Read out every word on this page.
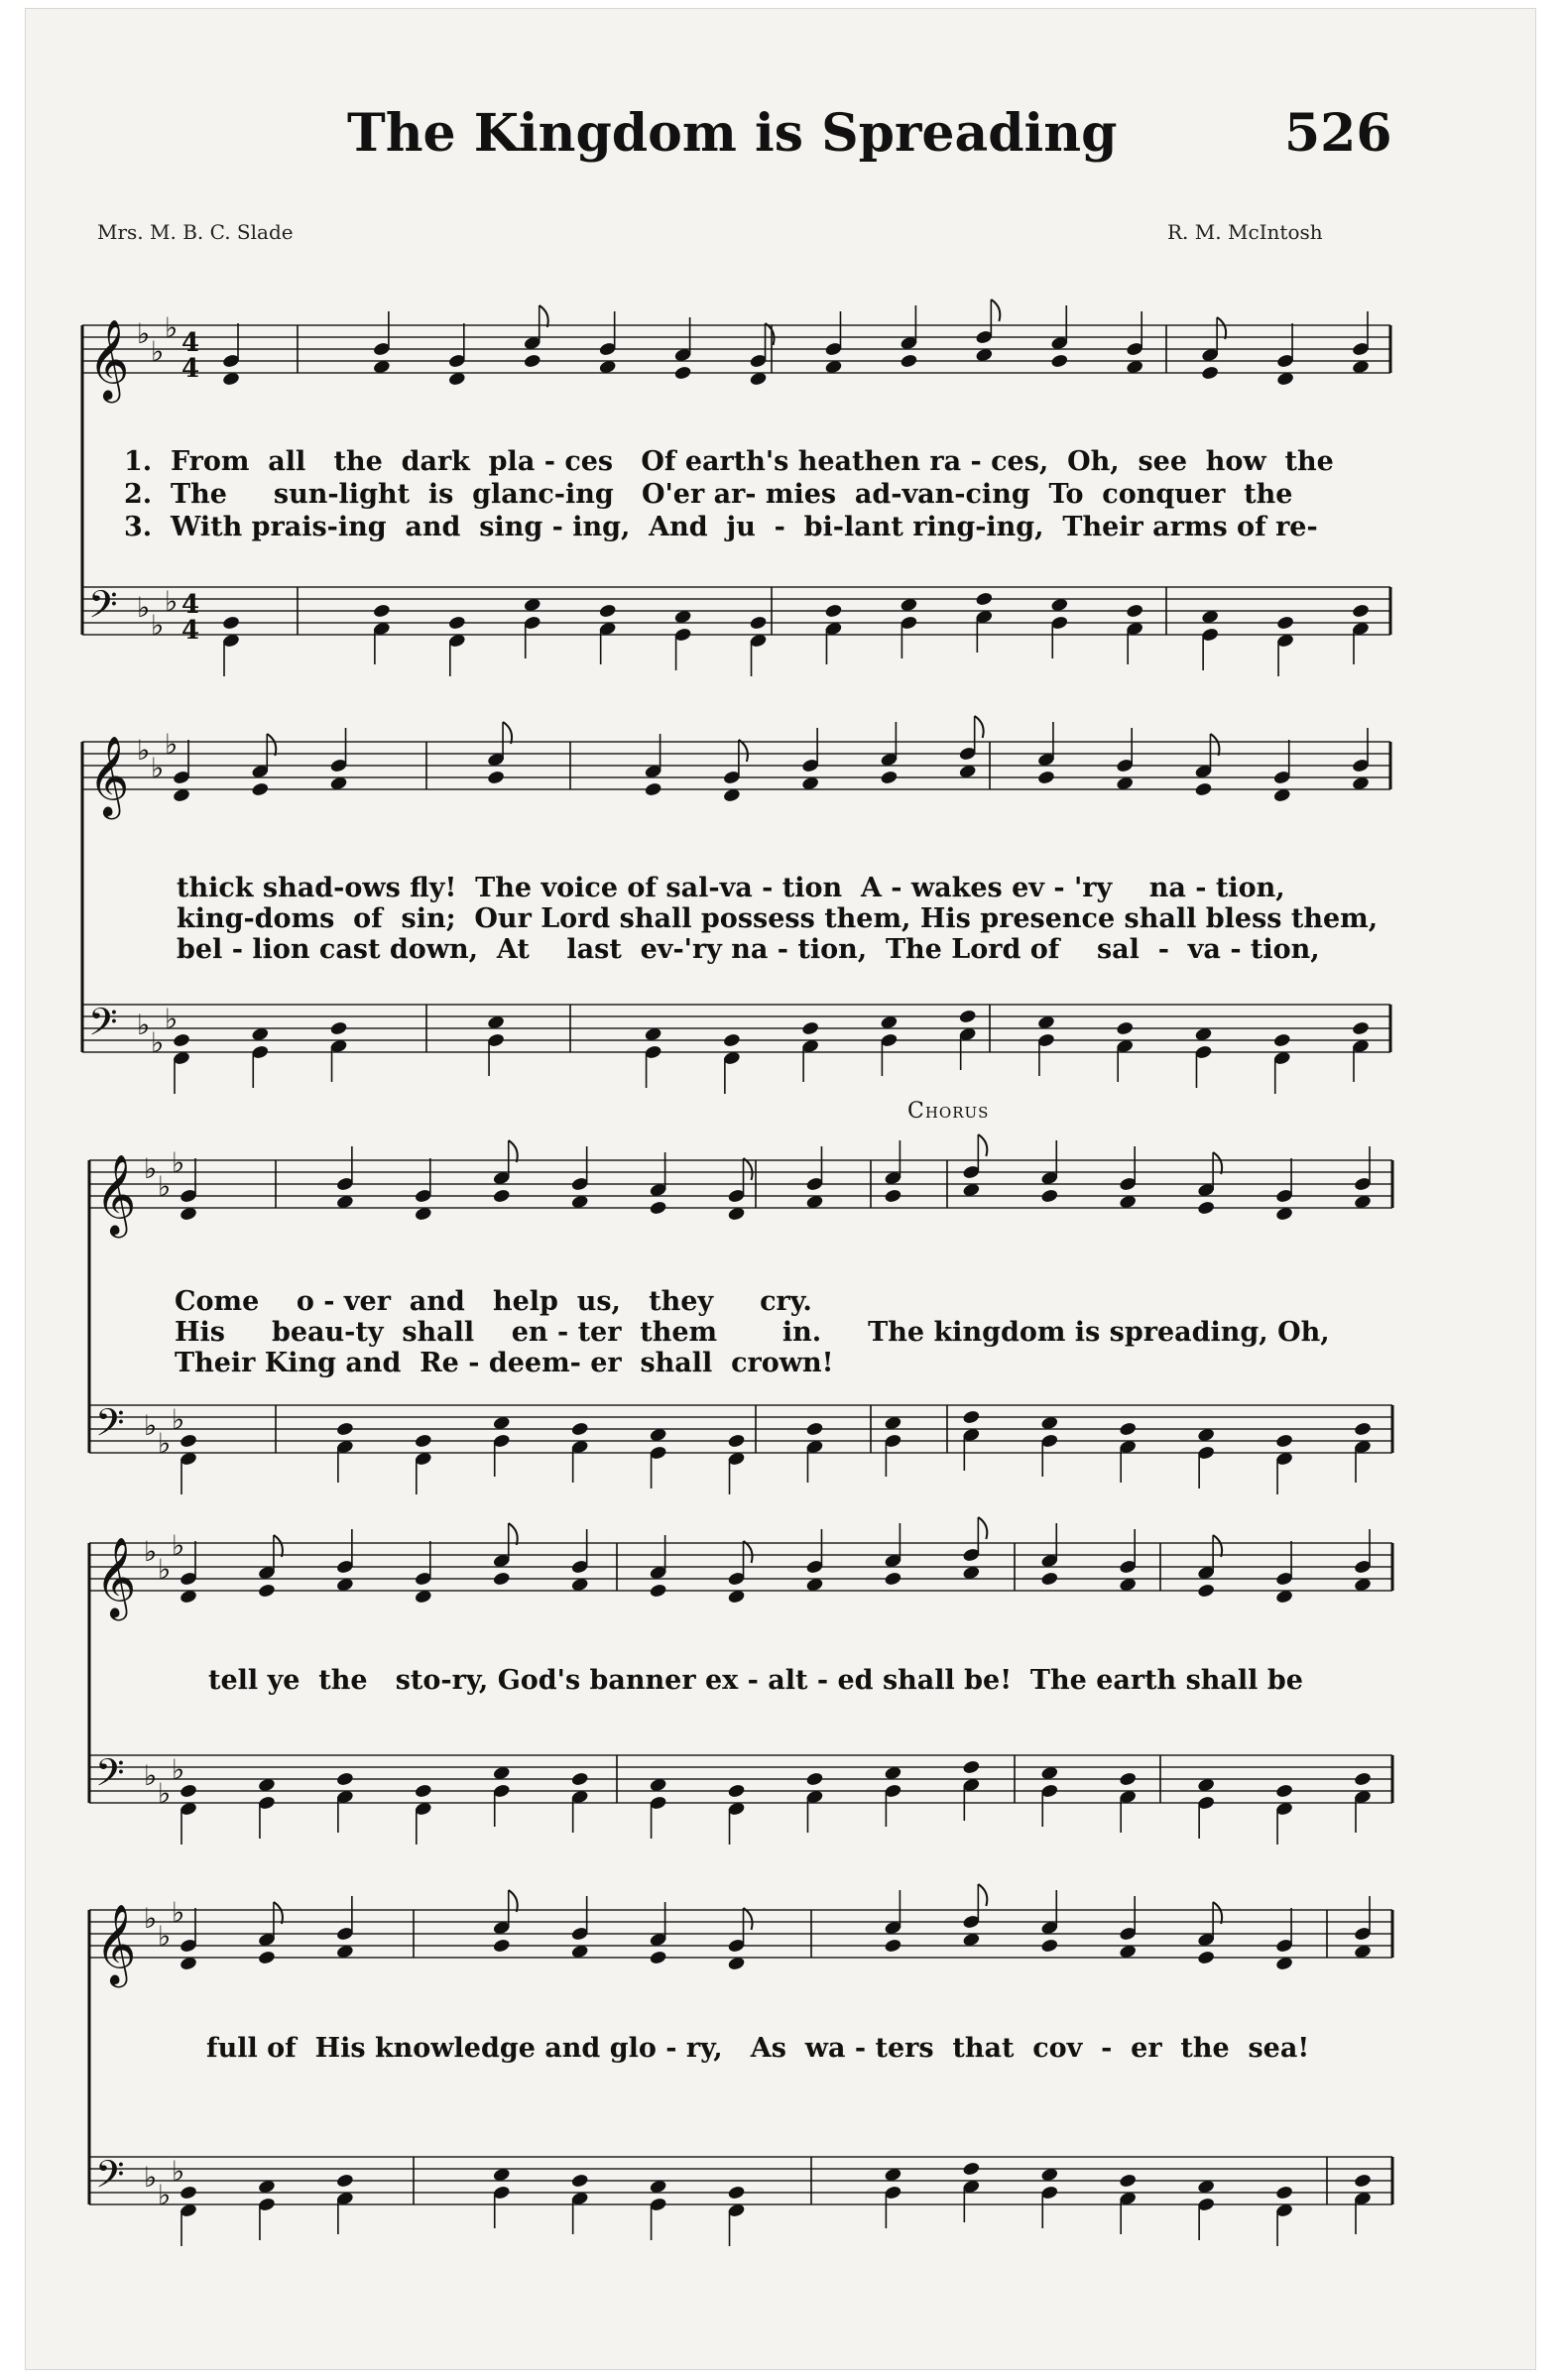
The Kingdom is Spreading	526
Mrs. M. B. C. Slade	R. M. McIntosh
Chorus
𝄞 ♭
♭
♭ 4
4
𝄢 ♭
♭
♭ 4
4
𝄞 ♭
♭
♭
𝄢 ♭
♭
♭
𝄞 ♭
♭
♭
𝄢 ♭
♭
♭
𝄞 ♭
♭
♭
𝄢 ♭
♭
♭
𝄞 ♭
♭
♭
𝄢 ♭
♭
♭
1.  From  all   the  dark  pla - ces   Of earth's heathen ra - ces,  Oh,  see  how  the
2.  The     sun-light  is  glanc-ing   O'er ar- mies  ad-van-cing  To  conquer  the
3.  With prais-ing  and  sing - ing,  And  ju  -  bi-lant ring-ing,  Their arms of re-
thick shad-ows fly!  The voice of sal-va - tion  A - wakes ev - 'ry    na - tion,
king-doms  of  sin;  Our Lord shall possess them, His presence shall bless them,
bel - lion cast down,  At    last  ev-'ry na - tion,  The Lord of    sal  -  va - tion,
Come    o - ver  and   help  us,   they     cry.
His     beau-ty  shall    en - ter  them       in.     The kingdom is spreading, Oh,
Their King and  Re - deem- er  shall  crown!
tell ye  the   sto-ry, God's banner ex - alt - ed shall be!  The earth shall be
full of  His knowledge and glo - ry,   As  wa - ters  that  cov  -  er  the  sea!
